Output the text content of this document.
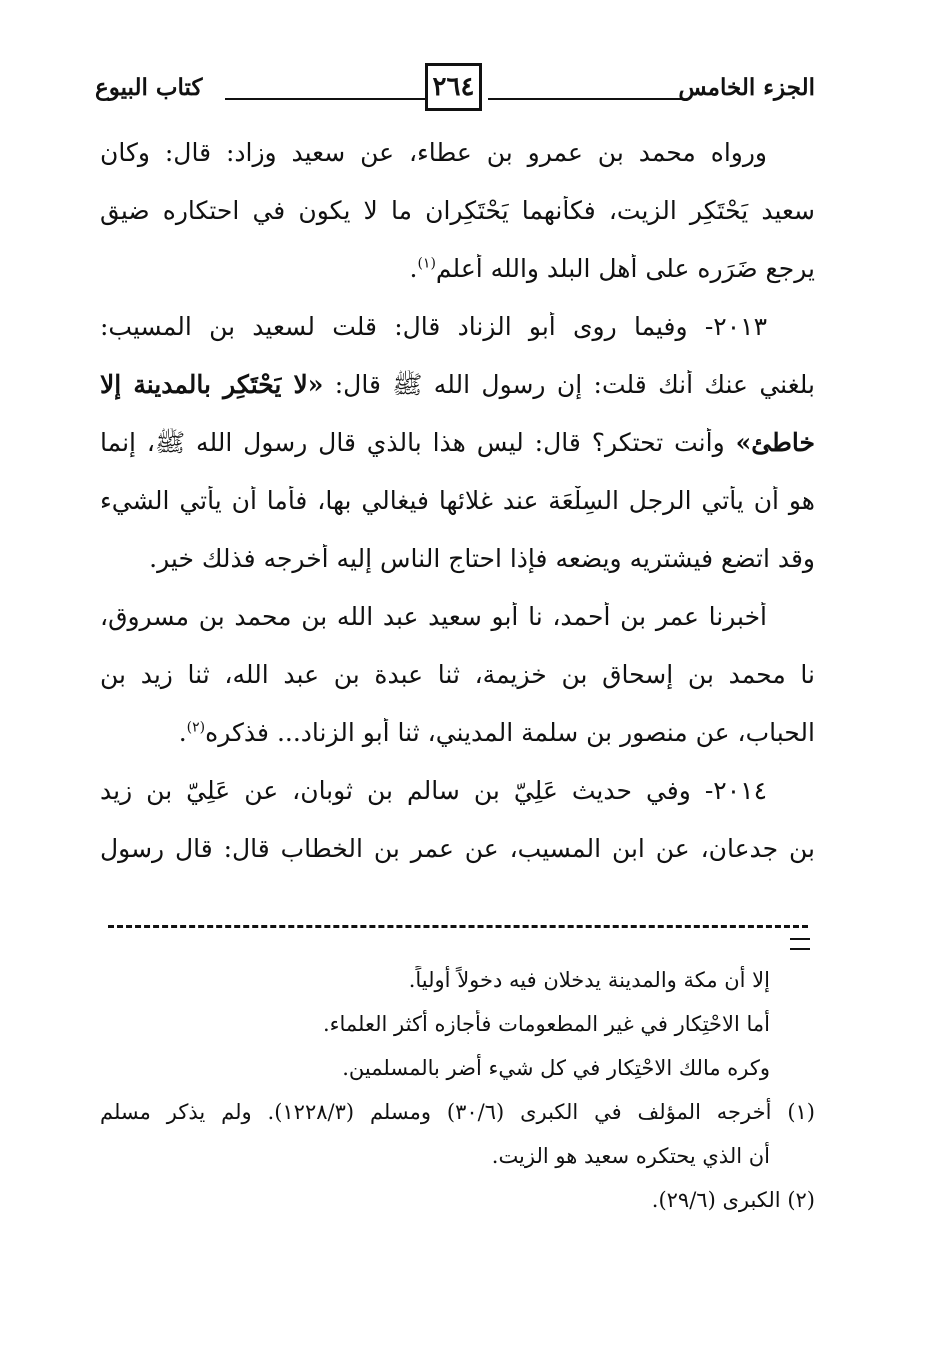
الجزء الخامس
٢٦٤
كتاب البيوع
ورواه محمد بن عمرو بن عطاء، عن سعيد وزاد: قال: وكان
سعيد يَحْتَكِر الزيت، فكأنهما يَحْتَكِران ما لا يكون في احتكاره ضيق
يرجع ضَرَره على أهل البلد والله أعلم$^{(١)}$.
٢٠١٣- وفيما روى أبو الزناد قال: قلت لسعيد بن المسيب:
بلغني عنك أنك قلت: إن رسول الله ﷺ قال: «لا يَحْتَكِر بالمدينة إلا
خاطئ» وأنت تحتكر؟ قال: ليس هذا بالذي قال رسول الله ﷺ، إنما
هو أن يأتي الرجل السِلْعَة عند غلائها فيغالي بها، فأما أن يأتي الشيء
وقد اتضع فيشتريه ويضعه فإذا احتاج الناس إليه أخرجه فذلك خير.
أخبرنا عمر بن أحمد، نا أبو سعيد عبد الله بن محمد بن مسروق،
نا محمد بن إسحاق بن خزيمة، ثنا عبدة بن عبد الله، ثنا زيد بن
الحباب، عن منصور بن سلمة المديني، ثنا أبو الزناد... فذكره$^{(٢)}$.
٢٠١٤- وفي حديث عَلِيّ بن سالم بن ثوبان، عن عَلِيّ بن زيد
بن جدعان، عن ابن المسيب، عن عمر بن الخطاب قال: قال رسول
إلا أن مكة والمدينة يدخلان فيه دخولاً أولياً.
أما الاحْتِكار في غير المطعومات فأجازه أكثر العلماء.
وكره مالك الاحْتِكار في كل شيء أضر بالمسلمين.
(١) أخرجه المؤلف في الكبرى (٣٠/٦) ومسلم (١٢٢٨/٣). ولم يذكر مسلم
أن الذي يحتكره سعيد هو الزيت.
(٢) الكبرى (٢٩/٦).
